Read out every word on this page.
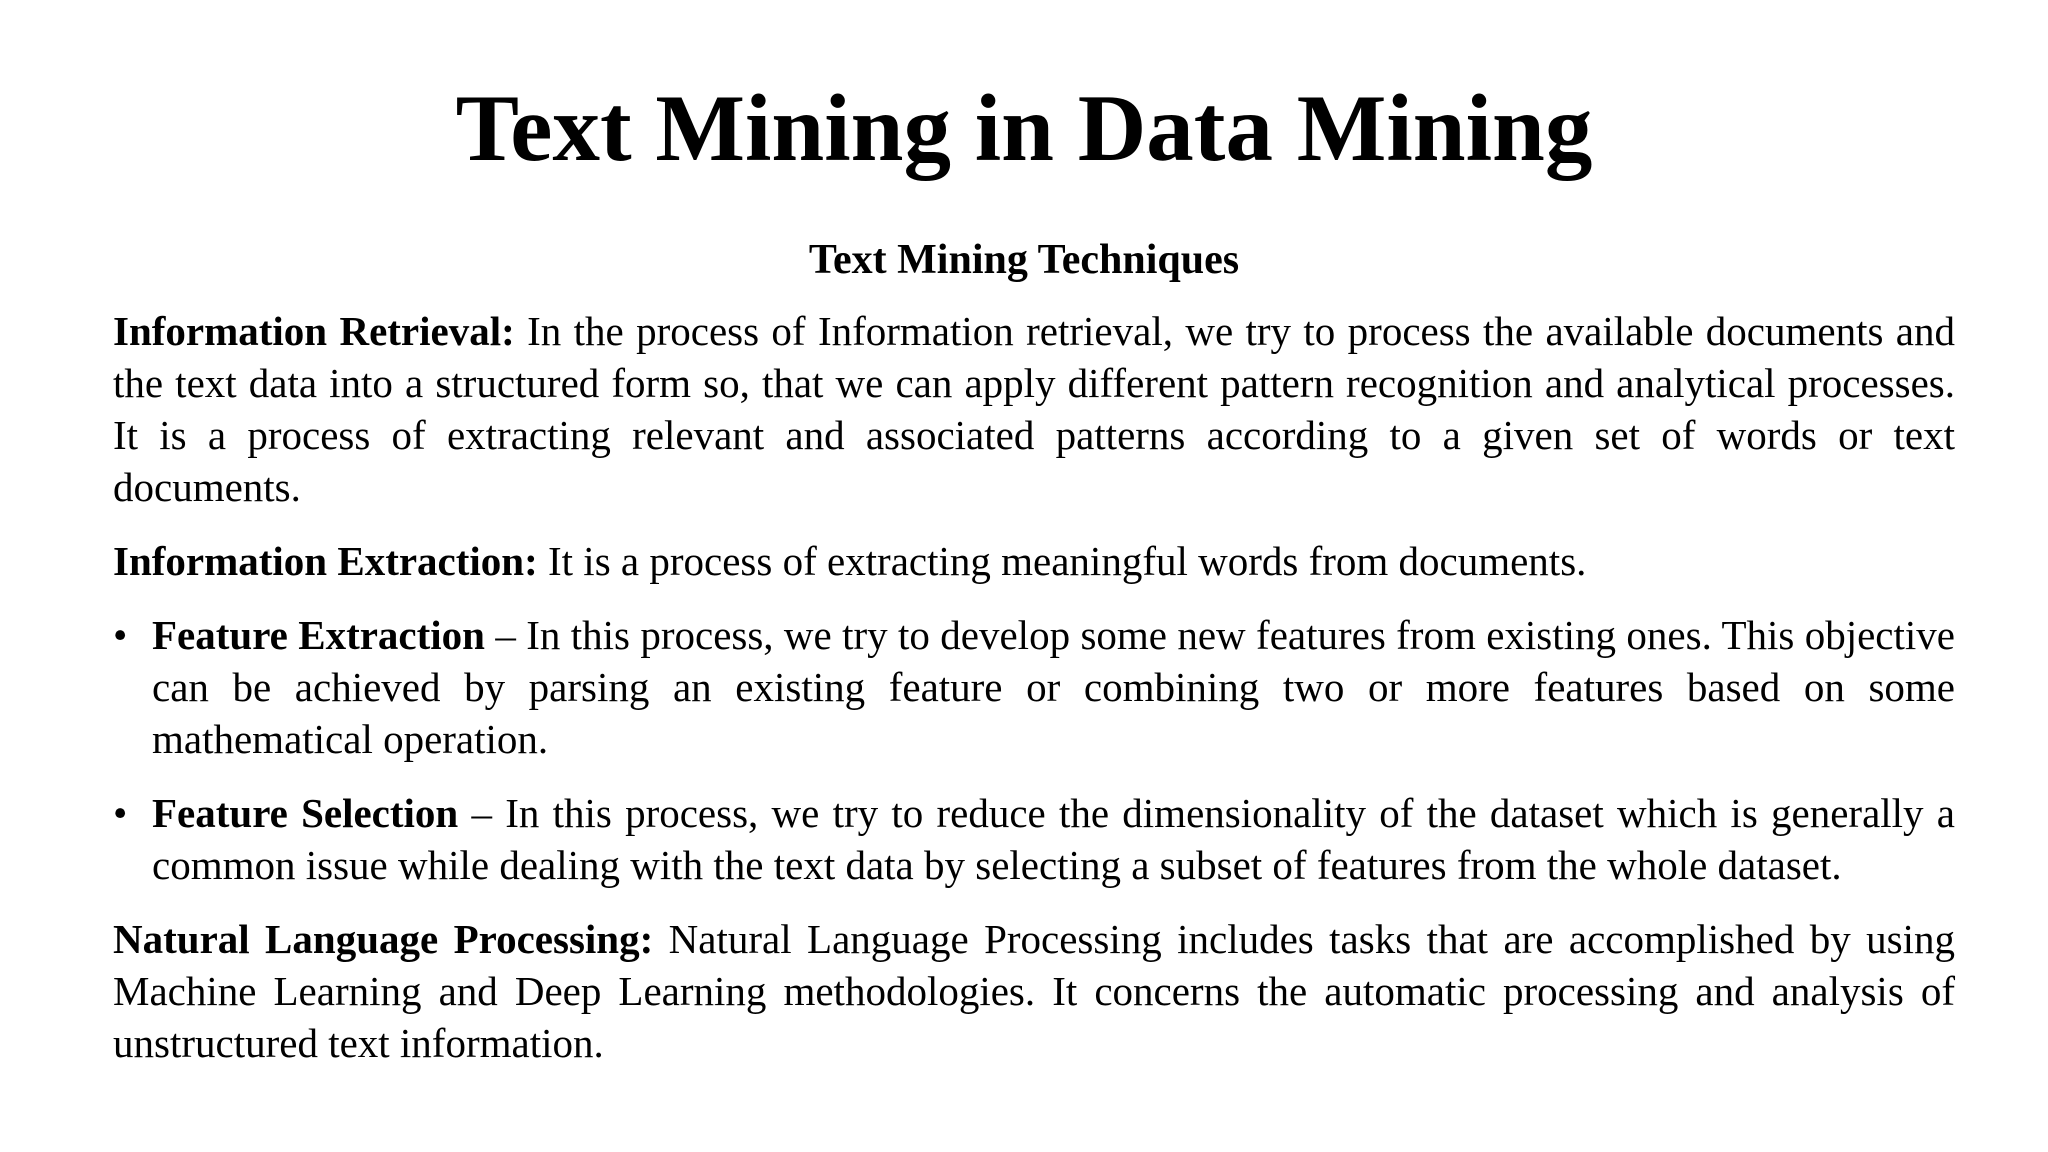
Text Mining in Data Mining
Text Mining Techniques

Information Retrieval: In the process of Information retrieval, we try to process the available documents and the text data into a structured form so, that we can apply different pattern recognition and analytical processes. It is a process of extracting relevant and associated patterns according to a given set of words or text documents.

Information Extraction: It is a process of extracting meaningful words from documents.

• Feature Extraction – In this process, we try to develop some new features from existing ones. This objective can be achieved by parsing an existing feature or combining two or more features based on some mathematical operation.

• Feature Selection – In this process, we try to reduce the dimensionality of the dataset which is generally a common issue while dealing with the text data by selecting a subset of features from the whole dataset.

Natural Language Processing: Natural Language Processing includes tasks that are accomplished by using Machine Learning and Deep Learning methodologies. It concerns the automatic processing and analysis of unstructured text information.
